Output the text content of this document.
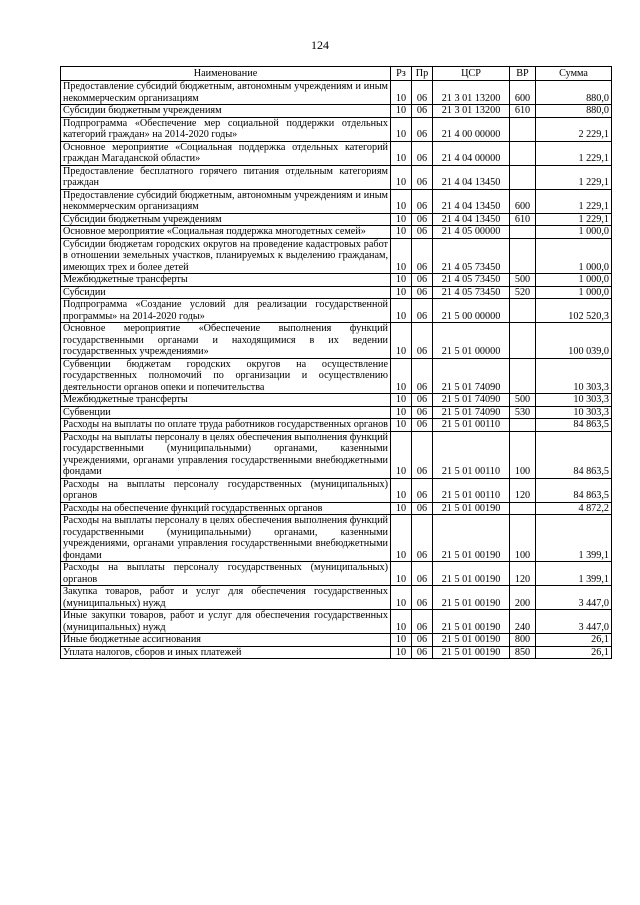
124
Наименование	Рз	Пр	ЦСР	ВР	Сумма
Предоставление субсидий бюджетным, автономным учреждениям и иным некоммерческим организациям	10	06	21 3 01 13200	600	880,0
Субсидии бюджетным учреждениям	10	06	21 3 01 13200	610	880,0
Подпрограмма «Обеспечение мер социальной поддержки отдельных категорий граждан» на 2014-2020 годы»	10	06	21 4 00 00000		2 229,1
Основное мероприятие «Социальная поддержка отдельных категорий граждан Магаданской области»	10	06	21 4 04 00000		1 229,1
Предоставление бесплатного горячего питания отдельным категориям граждан	10	06	21 4 04 13450		1 229,1
Предоставление субсидий бюджетным, автономным учреждениям и иным некоммерческим организациям	10	06	21 4 04 13450	600	1 229,1
Субсидии бюджетным учреждениям	10	06	21 4 04 13450	610	1 229,1
Основное мероприятие «Социальная поддержка многодетных семей»	10	06	21 4 05 00000		1 000,0
Субсидии бюджетам городских округов на проведение кадастровых работ в отношении земельных участков, планируемых к выделению гражданам, имеющих трех и более детей	10	06	21 4 05 73450		1 000,0
Межбюджетные трансферты	10	06	21 4 05 73450	500	1 000,0
Субсидии	10	06	21 4 05 73450	520	1 000,0
Подпрограмма «Создание условий для реализации государственной программы» на 2014-2020 годы»	10	06	21 5 00 00000		102 520,3
Основное мероприятие «Обеспечение выполнения функций государственными органами и находящимися в их ведении государственных учреждениями»	10	06	21 5 01 00000		100 039,0
Субвенции бюджетам городских округов на осуществление государственных полномочий по организации и осуществлению деятельности органов опеки и попечительства	10	06	21 5 01 74090		10 303,3
Межбюджетные трансферты	10	06	21 5 01 74090	500	10 303,3
Субвенции	10	06	21 5 01 74090	530	10 303,3
Расходы на выплаты по оплате труда работников государственных органов	10	06	21 5 01 00110		84 863,5
Расходы на выплаты персоналу в целях обеспечения выполнения функций государственными (муниципальными) органами, казенными учреждениями, органами управления государственными внебюджетными фондами	10	06	21 5 01 00110	100	84 863,5
Расходы на выплаты персоналу государственных (муниципальных) органов	10	06	21 5 01 00110	120	84 863,5
Расходы на обеспечение функций государственных органов	10	06	21 5 01 00190		4 872,2
Расходы на выплаты персоналу в целях обеспечения выполнения функций государственными (муниципальными) органами, казенными учреждениями, органами управления государственными внебюджетными фондами	10	06	21 5 01 00190	100	1 399,1
Расходы на выплаты персоналу государственных (муниципальных) органов	10	06	21 5 01 00190	120	1 399,1
Закупка товаров, работ и услуг для обеспечения государственных (муниципальных) нужд	10	06	21 5 01 00190	200	3 447,0
Иные закупки товаров, работ и услуг для обеспечения государственных (муниципальных) нужд	10	06	21 5 01 00190	240	3 447,0
Иные бюджетные ассигнования	10	06	21 5 01 00190	800	26,1
Уплата налогов, сборов и иных платежей	10	06	21 5 01 00190	850	26,1
